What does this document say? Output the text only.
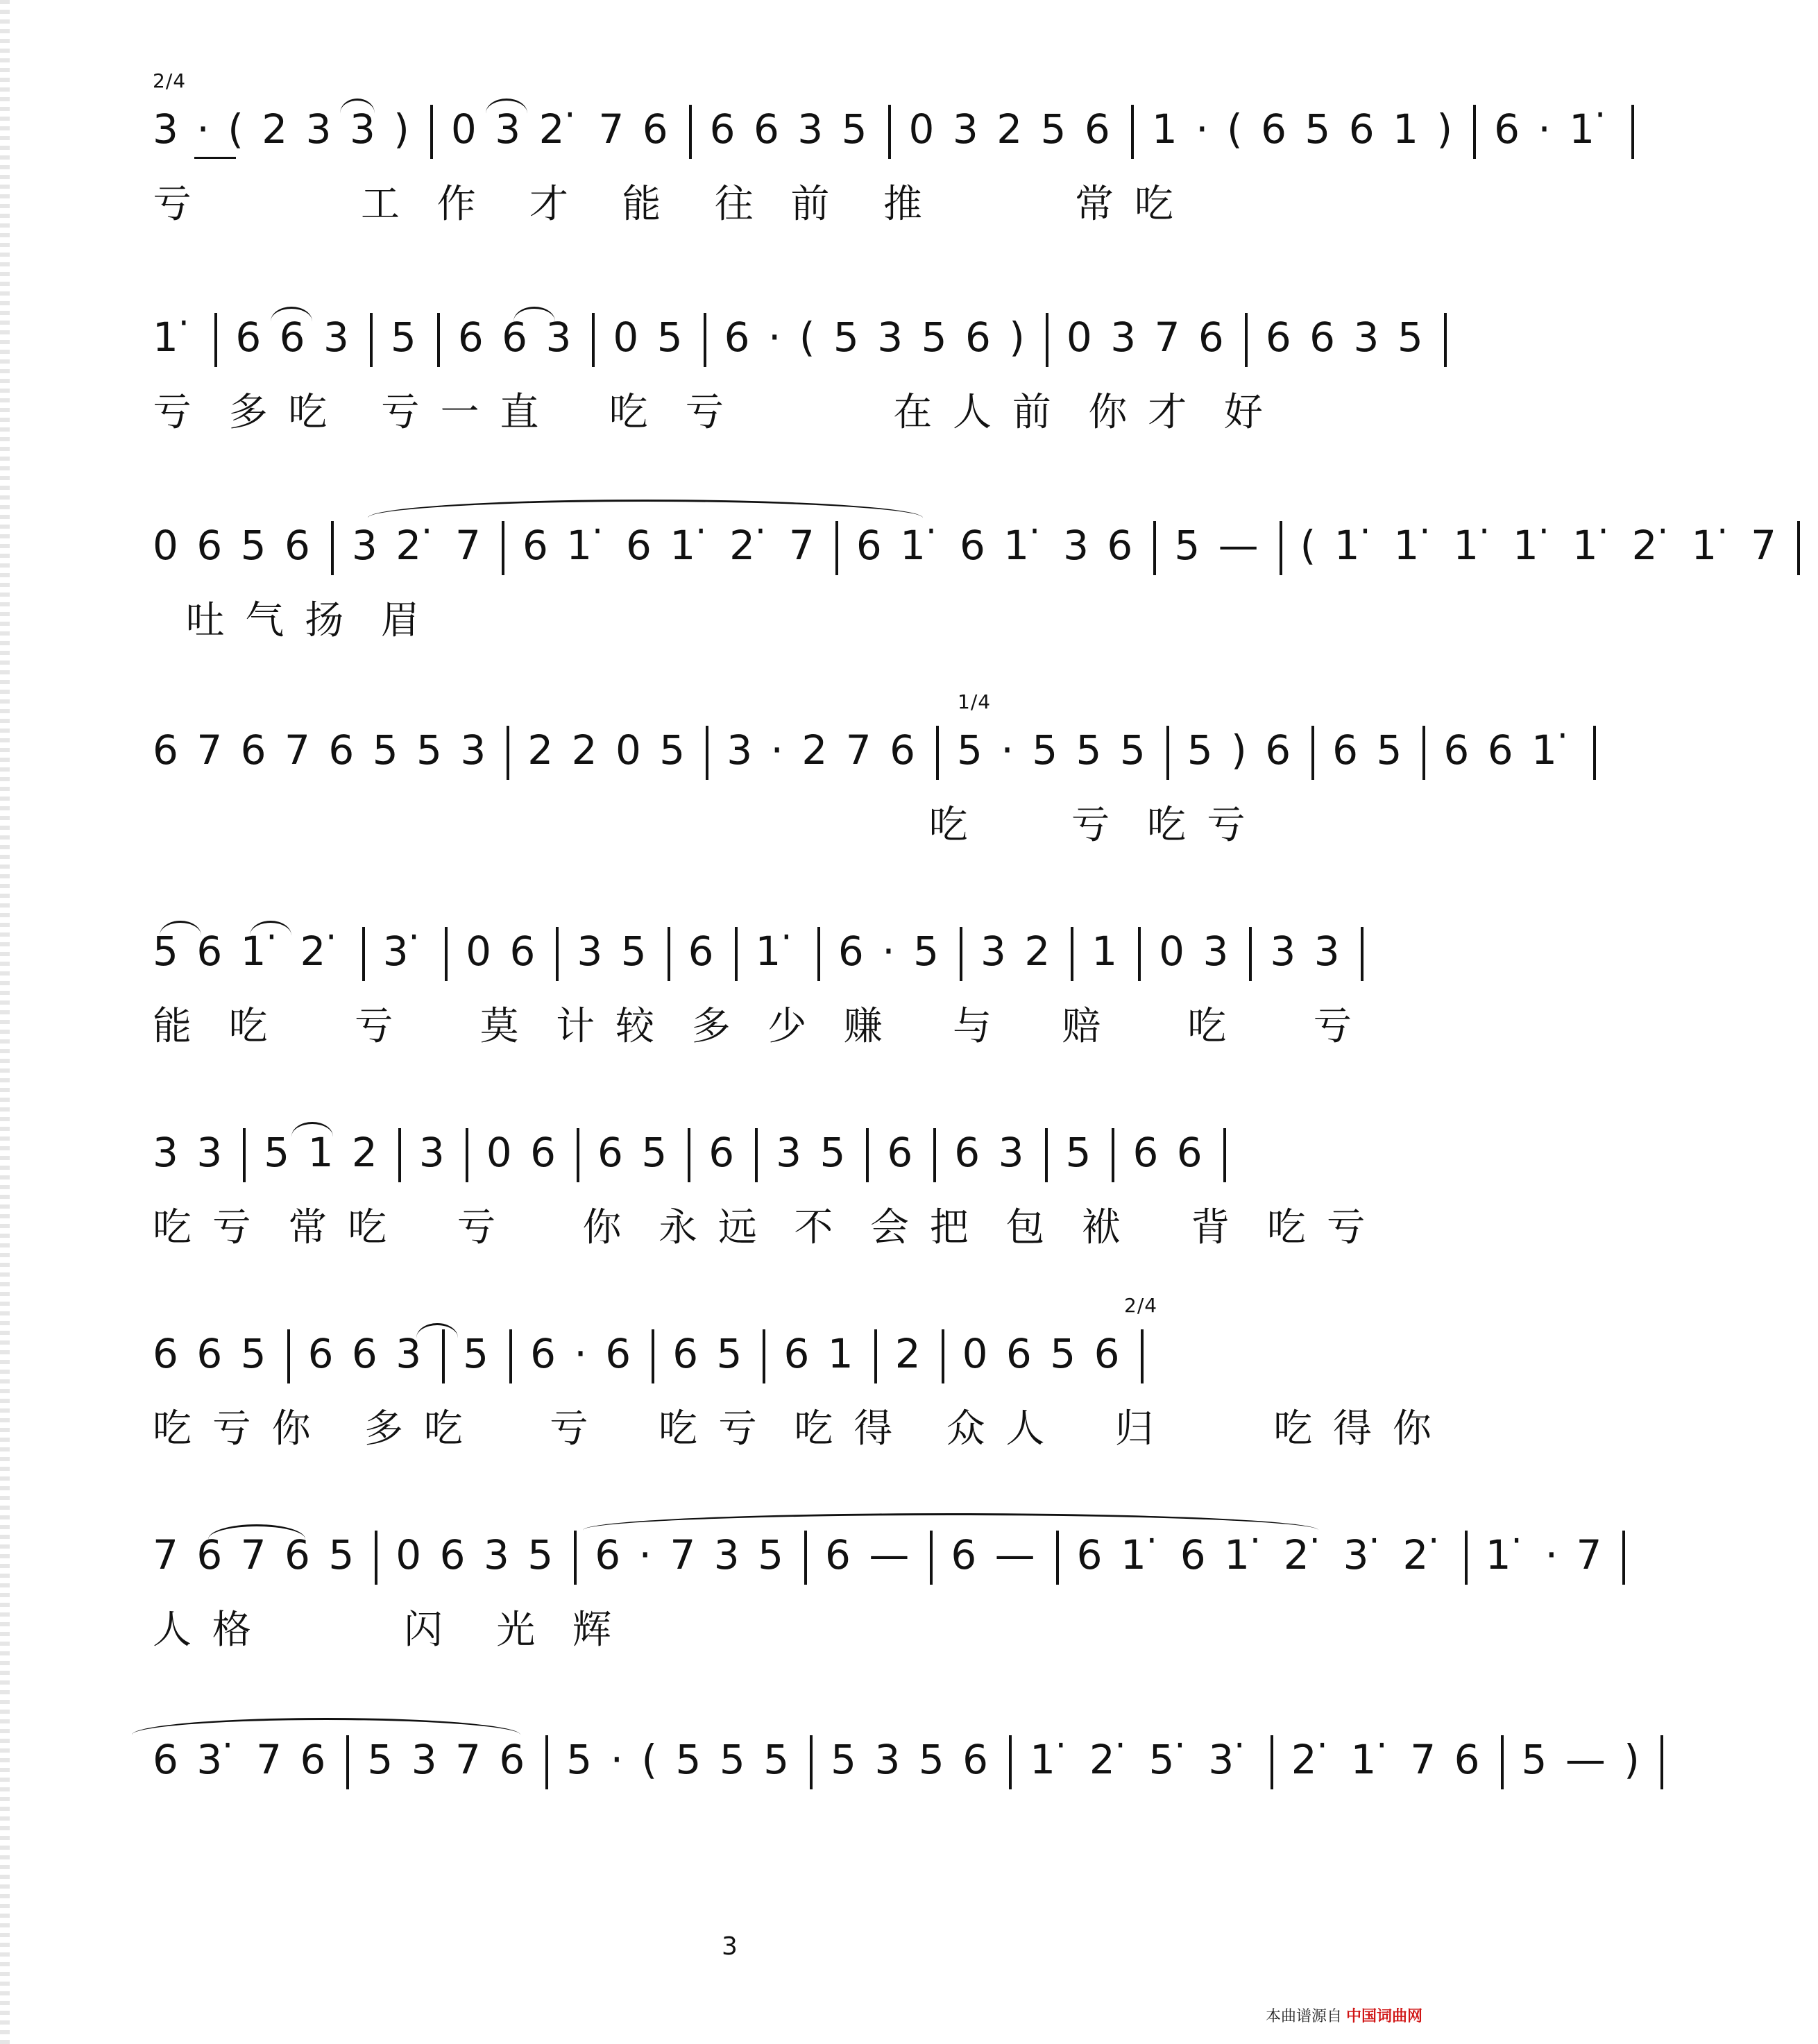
2/4
3 · ( 2 3 3 ) 0 3 2 ̇ 7 6 6 6 3 5 0 3 2 5 6 1 · ( 6 5 6 1 ) 6 · 1 ̇
亏          工  作   才   能   往  前   推         常 吃
1 ̇ 6 6 3 5 6 6 3 0 5 6 · ( 5 3 5 6 ) 0 3 7 6 6 6 3 5
亏  多 吃   亏 一 直    吃  亏          在 人 前  你 才  好
0 6 5 6 3 2 ̇ 7 6 1 ̇ 6 1 ̇ 2 ̇ 7 6 1 ̇ 6 1 ̇ 3 6 5 — ( 1 ̇ 1 ̇ 1 ̇ 1 ̇ 1 ̇ 2 ̇ 1 ̇ 7
吐 气 扬  眉
1/4
6 7 6 7 6 5 5 3 2 2 0 5 3 · 2 7 6 5 · 5 5 5 5 ) 6 6 5 6 6 1 ̇
吃      亏  吃 亏
5 6 1 ̇ 2 ̇ 3 ̇ 0 6 3 5 6 1 ̇ 6 · 5 3 2 1 0 3 3 3
能  吃     亏     莫  计 较  多  少  赚    与    赔     吃     亏
3 3 5 1 2 3 0 6 6 5 6 3 5 6 6 3 5 6 6
吃 亏  常 吃    亏     你  永 远  不  会 把  包  袱    背  吃 亏
2/4
6 6 5 6 6 3 5 6 · 6 6 5 6 1 2 0 6 5 6
吃 亏 你   多 吃     亏    吃 亏  吃 得   众 人    归       吃 得 你
7 6 7 6 5 0 6 3 5 6 · 7 3 5 6 — 6 — 6 1 ̇ 6 1 ̇ 2 ̇ 3 ̇ 2 ̇ 1 ̇ · 7
人 格         闪   光  辉
6 3 ̇ 7 6 5 3 7 6 5 · ( 5 5 5 5 3 5 6 1 ̇ 2 ̇ 5 ̇ 3 ̇ 2 ̇ 1 ̇ 7 6 5 — )
3
本曲谱源自 中国词曲网
